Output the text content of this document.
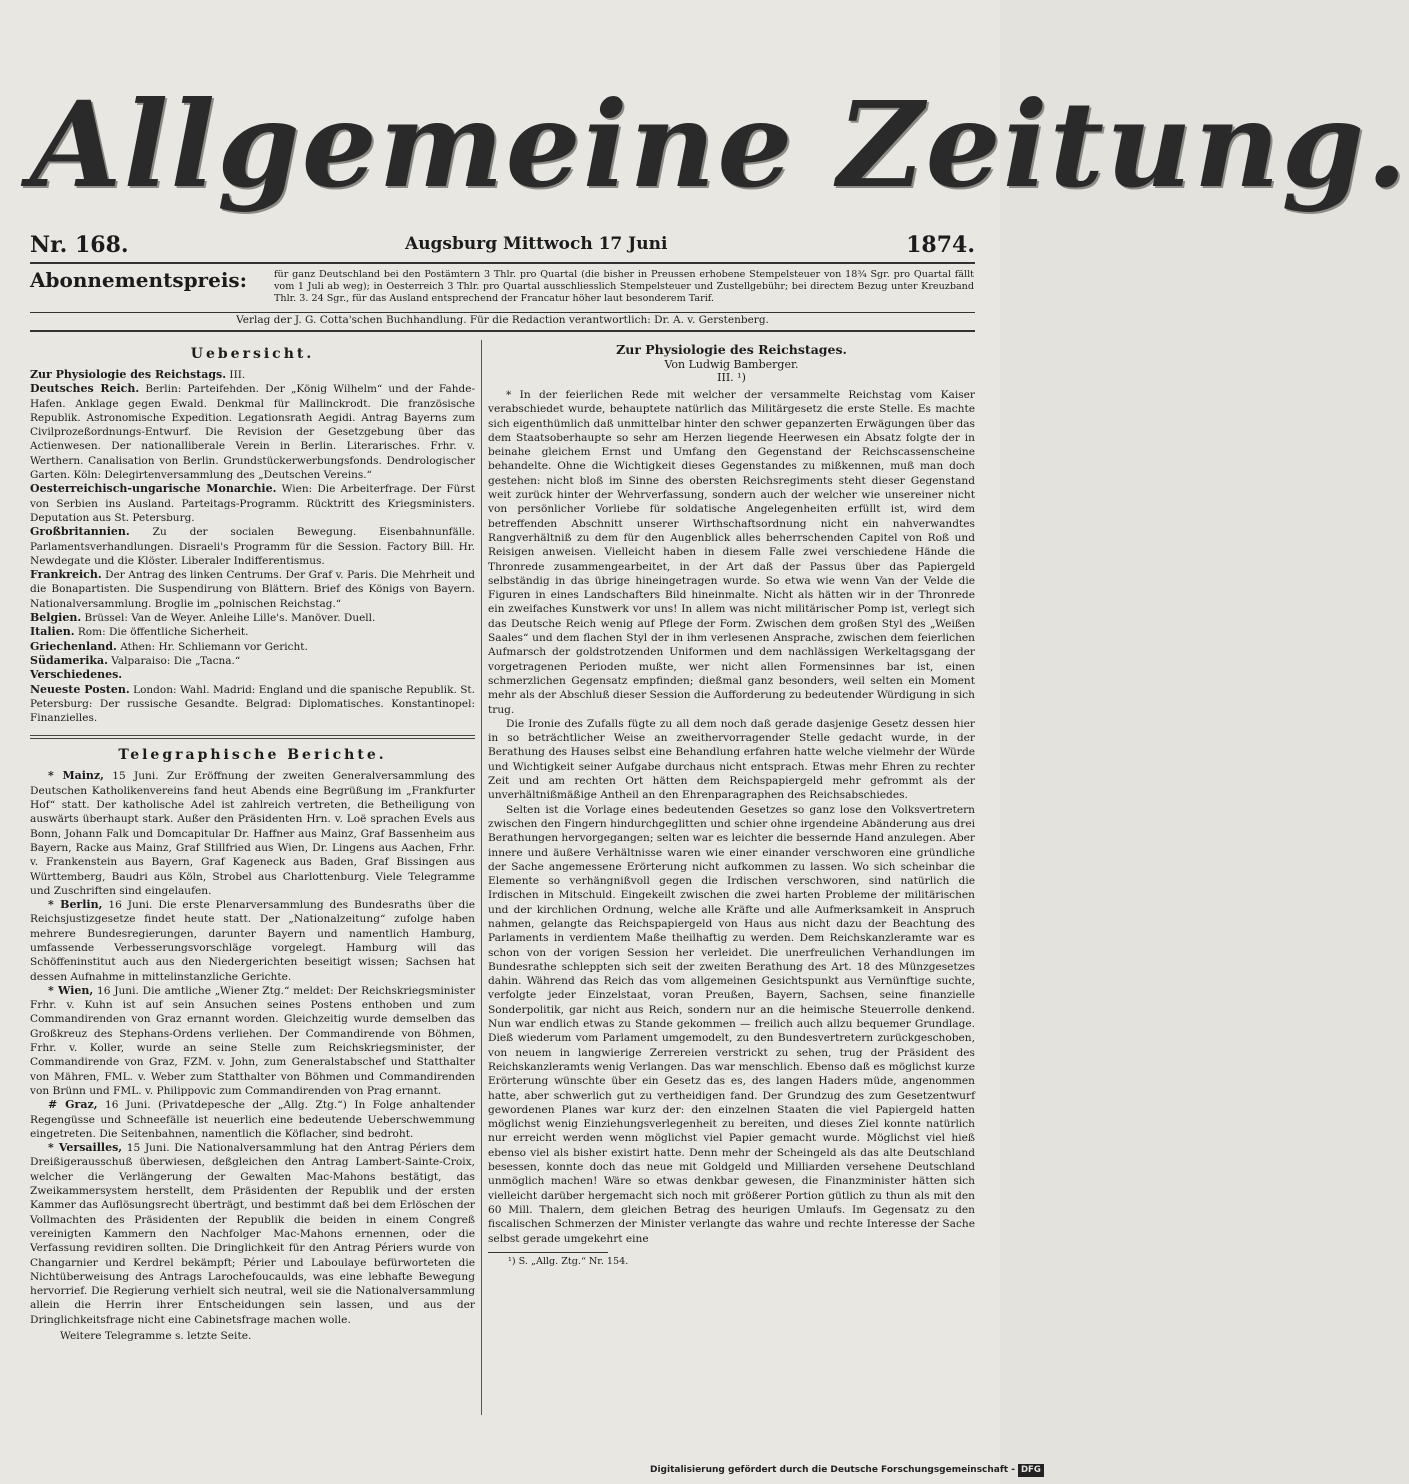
Allgemeine Zeitung.
Nr. 168.	Augsburg Mittwoch 17 Juni	1874.
Abonnementspreis:	für ganz Deutschland bei den Postämtern 3 Thlr. pro Quartal (die bisher in Preussen erhobene Stempelsteuer von 18¾ Sgr. pro Quartal fällt vom 1 Juli ab weg); in Oesterreich 3 Thlr. pro Quartal ausschliesslich Stempelsteuer und Zustellgebühr; bei directem Bezug unter Kreuzband Thlr. 3. 24 Sgr., für das Ausland entsprechend der Francatur höher laut besonderem Tarif.
Verlag der J. G. Cotta'schen Buchhandlung. Für die Redaction verantwortlich: Dr. A. v. Gerstenberg.
Uebersicht.

Zur Physiologie des Reichstags. III.

Deutsches Reich. Berlin: Parteifehden. Der „König Wilhelm“ und der Fahde-Hafen. Anklage gegen Ewald. Denkmal für Mallinckrodt. Die französische Republik. Astronomische Expedition. Legationsrath Aegidi. Antrag Bayerns zum Civilprozeßordnungs-Entwurf. Die Revision der Gesetzgebung über das Actienwesen. Der nationalliberale Verein in Berlin. Literarisches. Frhr. v. Werthern. Canalisation von Berlin. Grundstückerwerbungsfonds. Dendrologischer Garten. Köln: Delegirtenversammlung des „Deutschen Vereins.“

Oesterreichisch-ungarische Monarchie. Wien: Die Arbeiterfrage. Der Fürst von Serbien ins Ausland. Parteitags-Programm. Rücktritt des Kriegsministers. Deputation aus St. Petersburg.

Großbritannien. Zu der socialen Bewegung. Eisenbahnunfälle. Parlamentsverhandlungen. Disraeli's Programm für die Session. Factory Bill. Hr. Newdegate und die Klöster. Liberaler Indifferentismus.

Frankreich. Der Antrag des linken Centrums. Der Graf v. Paris. Die Mehrheit und die Bonapartisten. Die Suspendirung von Blättern. Brief des Königs von Bayern. Nationalversammlung. Broglie im „polnischen Reichstag.“

Belgien. Brüssel: Van de Weyer. Anleihe Lille's. Manöver. Duell.

Italien. Rom: Die öffentliche Sicherheit.

Griechenland. Athen: Hr. Schliemann vor Gericht.

Südamerika. Valparaiso: Die „Tacna.“

Verschiedenes.

Neueste Posten. London: Wahl. Madrid: England und die spanische Republik. St. Petersburg: Der russische Gesandte. Belgrad: Diplomatisches. Konstantinopel: Finanzielles.

Telegraphische Berichte.

* Mainz, 15 Juni. Zur Eröffnung der zweiten Generalversammlung des Deutschen Katholikenvereins fand heut Abends eine Begrüßung im „Frankfurter Hof“ statt. Der katholische Adel ist zahlreich vertreten, die Betheiligung von auswärts überhaupt stark. Außer den Präsidenten Hrn. v. Loë sprachen Evels aus Bonn, Johann Falk und Domcapitular Dr. Haffner aus Mainz, Graf Bassenheim aus Bayern, Racke aus Mainz, Graf Stillfried aus Wien, Dr. Lingens aus Aachen, Frhr. v. Frankenstein aus Bayern, Graf Kageneck aus Baden, Graf Bissingen aus Württemberg, Baudri aus Köln, Strobel aus Charlottenburg. Viele Telegramme und Zuschriften sind eingelaufen.

* Berlin, 16 Juni. Die erste Plenarversammlung des Bundesraths über die Reichsjustizgesetze findet heute statt. Der „Nationalzeitung“ zufolge haben mehrere Bundesregierungen, darunter Bayern und namentlich Hamburg, umfassende Verbesserungsvorschläge vorgelegt. Hamburg will das Schöffeninstitut auch aus den Niedergerichten beseitigt wissen; Sachsen hat dessen Aufnahme in mittelinstanzliche Gerichte.

* Wien, 16 Juni. Die amtliche „Wiener Ztg.“ meldet: Der Reichskriegsminister Frhr. v. Kuhn ist auf sein Ansuchen seines Postens enthoben und zum Commandirenden von Graz ernannt worden. Gleichzeitig wurde demselben das Großkreuz des Stephans-Ordens verliehen. Der Commandirende von Böhmen, Frhr. v. Koller, wurde an seine Stelle zum Reichskriegsminister, der Commandirende von Graz, FZM. v. John, zum Generalstabschef und Statthalter von Mähren, FML. v. Weber zum Statthalter von Böhmen und Commandirenden von Brünn und FML. v. Philippovic zum Commandirenden von Prag ernannt.

# Graz, 16 Juni. (Privatdepesche der „Allg. Ztg.“) In Folge anhaltender Regengüsse und Schneefälle ist neuerlich eine bedeutende Ueberschwemmung eingetreten. Die Seitenbahnen, namentlich die Köflacher, sind bedroht.

* Versailles, 15 Juni. Die Nationalversammlung hat den Antrag Périers dem Dreißigerausschuß überwiesen, deßgleichen den Antrag Lambert-Sainte-Croix, welcher die Verlängerung der Gewalten Mac-Mahons bestätigt, das Zweikammersystem herstellt, dem Präsidenten der Republik und der ersten Kammer das Auflösungsrecht überträgt, und bestimmt daß bei dem Erlöschen der Vollmachten des Präsidenten der Republik die beiden in einem Congreß vereinigten Kammern den Nachfolger Mac-Mahons ernennen, oder die Verfassung revidiren sollten. Die Dringlichkeit für den Antrag Périers wurde von Changarnier und Kerdrel bekämpft; Périer und Laboulaye befürworteten die Nichtüberweisung des Antrags Larochefoucaulds, was eine lebhafte Bewegung hervorrief. Die Regierung verhielt sich neutral, weil sie die Nationalversammlung allein die Herrin ihrer Entscheidungen sein lassen, und aus der Dringlichkeitsfrage nicht eine Cabinetsfrage machen wolle.

Weitere Telegramme s. letzte Seite.

Zur Physiologie des Reichstages.
Von Ludwig Bamberger.
III. ¹)

* In der feierlichen Rede mit welcher der versammelte Reichstag vom Kaiser verabschiedet wurde, behauptete natürlich das Militärgesetz die erste Stelle. Es machte sich eigenthümlich daß unmittelbar hinter den schwer gepanzerten Erwägungen über das dem Staatsoberhaupte so sehr am Herzen liegende Heerwesen ein Absatz folgte der in beinahe gleichem Ernst und Umfang den Gegenstand der Reichscassenscheine behandelte. Ohne die Wichtigkeit dieses Gegenstandes zu mißkennen, muß man doch gestehen: nicht bloß im Sinne des obersten Reichsregiments steht dieser Gegenstand weit zurück hinter der Wehrverfassung, sondern auch der welcher wie unsereiner nicht von persönlicher Vorliebe für soldatische Angelegenheiten erfüllt ist, wird dem betreffenden Abschnitt unserer Wirthschaftsordnung nicht ein nahverwandtes Rangverhältniß zu dem für den Augenblick alles beherrschenden Capitel von Roß und Reisigen anweisen. Vielleicht haben in diesem Falle zwei verschiedene Hände die Thronrede zusammengearbeitet, in der Art daß der Passus über das Papiergeld selbständig in das übrige hineingetragen wurde. So etwa wie wenn Van der Velde die Figuren in eines Landschafters Bild hineinmalte. Nicht als hätten wir in der Thronrede ein zweifaches Kunstwerk vor uns! In allem was nicht militärischer Pomp ist, verlegt sich das Deutsche Reich wenig auf Pflege der Form. Zwischen dem großen Styl des „Weißen Saales“ und dem flachen Styl der in ihm verlesenen Ansprache, zwischen dem feierlichen Aufmarsch der goldstrotzenden Uniformen und dem nachlässigen Werkeltagsgang der vorgetragenen Perioden mußte, wer nicht allen Formensinnes bar ist, einen schmerzlichen Gegensatz empfinden; dießmal ganz besonders, weil selten ein Moment mehr als der Abschluß dieser Session die Aufforderung zu bedeutender Würdigung in sich trug.

Die Ironie des Zufalls fügte zu all dem noch daß gerade dasjenige Gesetz dessen hier in so beträchtlicher Weise an zweithervorragender Stelle gedacht wurde, in der Berathung des Hauses selbst eine Behandlung erfahren hatte welche vielmehr der Würde und Wichtigkeit seiner Aufgabe durchaus nicht entsprach. Etwas mehr Ehren zu rechter Zeit und am rechten Ort hätten dem Reichspapiergeld mehr gefrommt als der unverhältnißmäßige Antheil an den Ehrenparagraphen des Reichsabschiedes.

Selten ist die Vorlage eines bedeutenden Gesetzes so ganz lose den Volksvertretern zwischen den Fingern hindurchgeglitten und schier ohne irgendeine Abänderung aus drei Berathungen hervorgegangen; selten war es leichter die bessernde Hand anzulegen. Aber innere und äußere Verhältnisse waren wie einer einander verschworen eine gründliche der Sache angemessene Erörterung nicht aufkommen zu lassen. Wo sich scheinbar die Elemente so verhängnißvoll gegen die Irdischen verschworen, sind natürlich die Irdischen in Mitschuld. Eingekeilt zwischen die zwei harten Probleme der militärischen und der kirchlichen Ordnung, welche alle Kräfte und alle Aufmerksamkeit in Anspruch nahmen, gelangte das Reichspapiergeld von Haus aus nicht dazu der Beachtung des Parlaments in verdientem Maße theilhaftig zu werden. Dem Reichskanzleramte war es schon von der vorigen Session her verleidet. Die unerfreulichen Verhandlungen im Bundesrathe schleppten sich seit der zweiten Berathung des Art. 18 des Münzgesetzes dahin. Während das Reich das vom allgemeinen Gesichtspunkt aus Vernünftige suchte, verfolgte jeder Einzelstaat, voran Preußen, Bayern, Sachsen, seine finanzielle Sonderpolitik, gar nicht aus Reich, sondern nur an die heimische Steuerrolle denkend. Nun war endlich etwas zu Stande gekommen — freilich auch allzu bequemer Grundlage. Dieß wiederum vom Parlament umgemodelt, zu den Bundesvertretern zurückgeschoben, von neuem in langwierige Zerrereien verstrickt zu sehen, trug der Präsident des Reichskanzleramts wenig Verlangen. Das war menschlich. Ebenso daß es möglichst kurze Erörterung wünschte über ein Gesetz das es, des langen Haders müde, angenommen hatte, aber schwerlich gut zu vertheidigen fand. Der Grundzug des zum Gesetzentwurf gewordenen Planes war kurz der: den einzelnen Staaten die viel Papiergeld hatten möglichst wenig Einziehungsverlegenheit zu bereiten, und dieses Ziel konnte natürlich nur erreicht werden wenn möglichst viel Papier gemacht wurde. Möglichst viel hieß ebenso viel als bisher existirt hatte. Denn mehr der Scheingeld als das alte Deutschland besessen, konnte doch das neue mit Goldgeld und Milliarden versehene Deutschland unmöglich machen! Wäre so etwas denkbar gewesen, die Finanzminister hätten sich vielleicht darüber hergemacht sich noch mit größerer Portion gütlich zu thun als mit den 60 Mill. Thalern, dem gleichen Betrag des heurigen Umlaufs. Im Gegensatz zu den fiscalischen Schmerzen der Minister verlangte das wahre und rechte Interesse der Sache selbst gerade umgekehrt eine

¹) S. „Allg. Ztg.“ Nr. 154.

Digitalisierung gefördert durch die Deutsche Forschungsgemeinschaft - DFG
